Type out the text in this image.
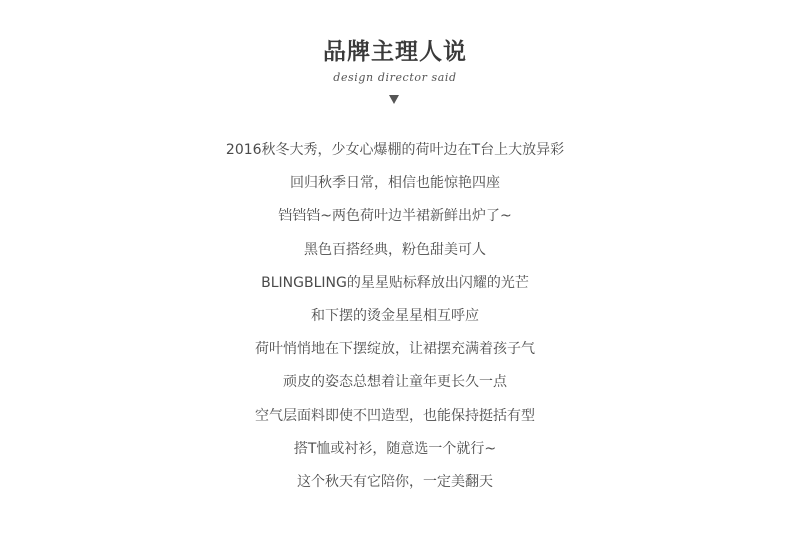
品牌主理人说
design director said
2016秋冬大秀，少女心爆棚的荷叶边在T台上大放异彩
回归秋季日常，相信也能惊艳四座
铛铛铛~两色荷叶边半裙新鲜出炉了~
黑色百搭经典，粉色甜美可人
BLINGBLING的星星贴标释放出闪耀的光芒
和下摆的烫金星星相互呼应
荷叶悄悄地在下摆绽放，让裙摆充满着孩子气
顽皮的姿态总想着让童年更长久一点
空气层面料即使不凹造型，也能保持挺括有型
搭T恤或衬衫，随意选一个就行~
这个秋天有它陪你，一定美翻天
